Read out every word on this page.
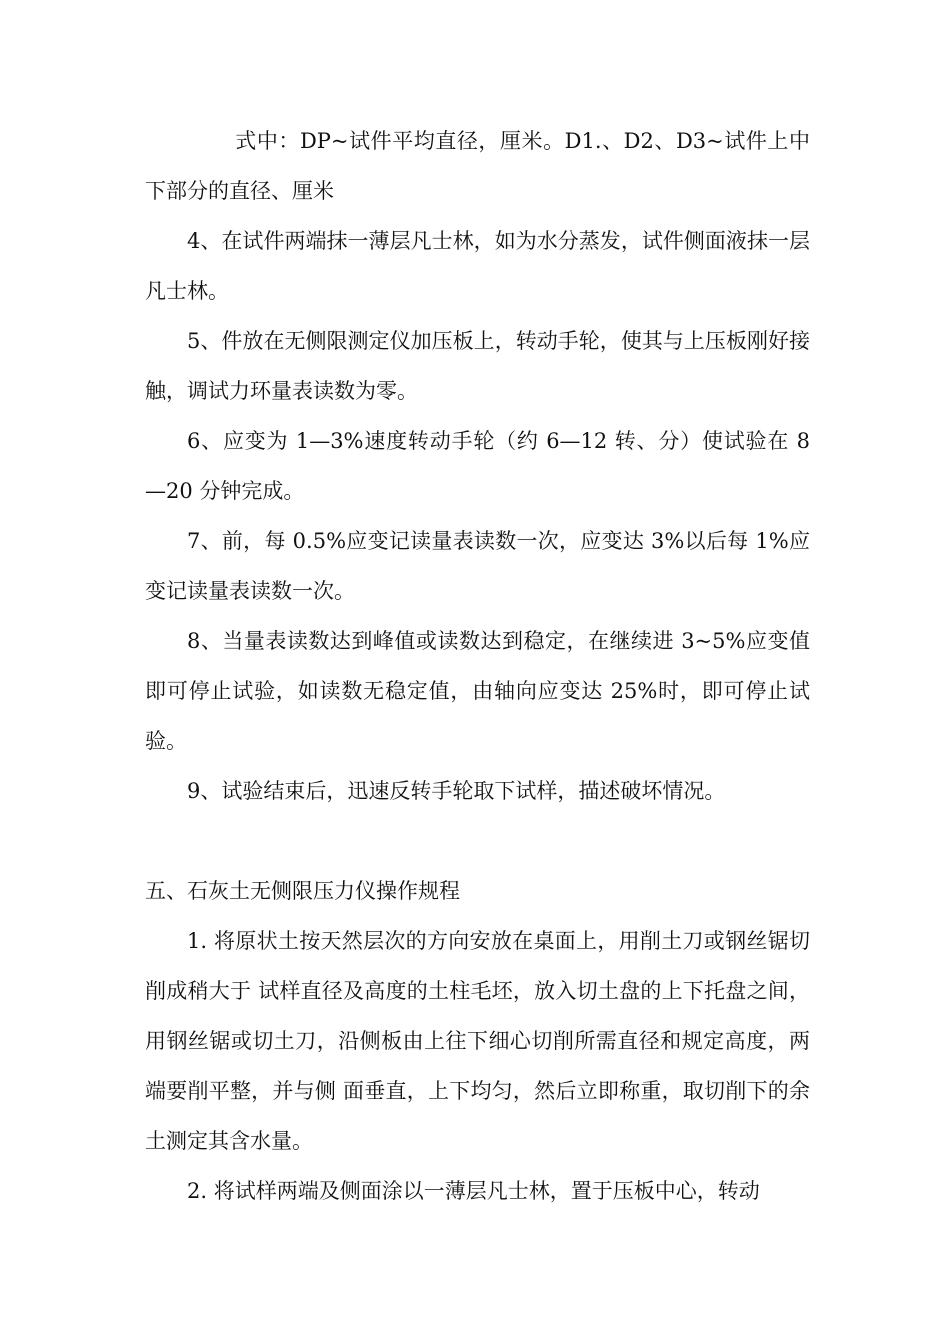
式中：DP~试件平均直径，厘米。D1.、D2、D3~试件上中下部分的直径、厘米

4、在试件两端抹一薄层凡士林，如为水分蒸发，试件侧面液抹一层凡士林。

5、件放在无侧限测定仪加压板上，转动手轮，使其与上压板刚好接触，调试力环量表读数为零。

6、应变为 1—3%速度转动手轮（约 6—12 转、分）使试验在 8—20 分钟完成。

7、前，每 0.5%应变记读量表读数一次，应变达 3%以后每 1%应变记读量表读数一次。

8、当量表读数达到峰值或读数达到稳定，在继续进 3~5%应变值即可停止试验，如读数无稳定值，由轴向应变达 25%时，即可停止试验。

9、试验结束后，迅速反转手轮取下试样，描述破坏情况。

五、石灰土无侧限压力仪操作规程

1. 将原状土按天然层次的方向安放在桌面上，用削土刀或钢丝锯切削成稍大于 试样直径及高度的土柱毛坯，放入切土盘的上下托盘之间，用钢丝锯或切土刀，沿侧板由上往下细心切削所需直径和规定高度，两端要削平整，并与侧 面垂直，上下均匀，然后立即称重，取切削下的余土测定其含水量。

2. 将试样两端及侧面涂以一薄层凡士林，置于压板中心，转动
